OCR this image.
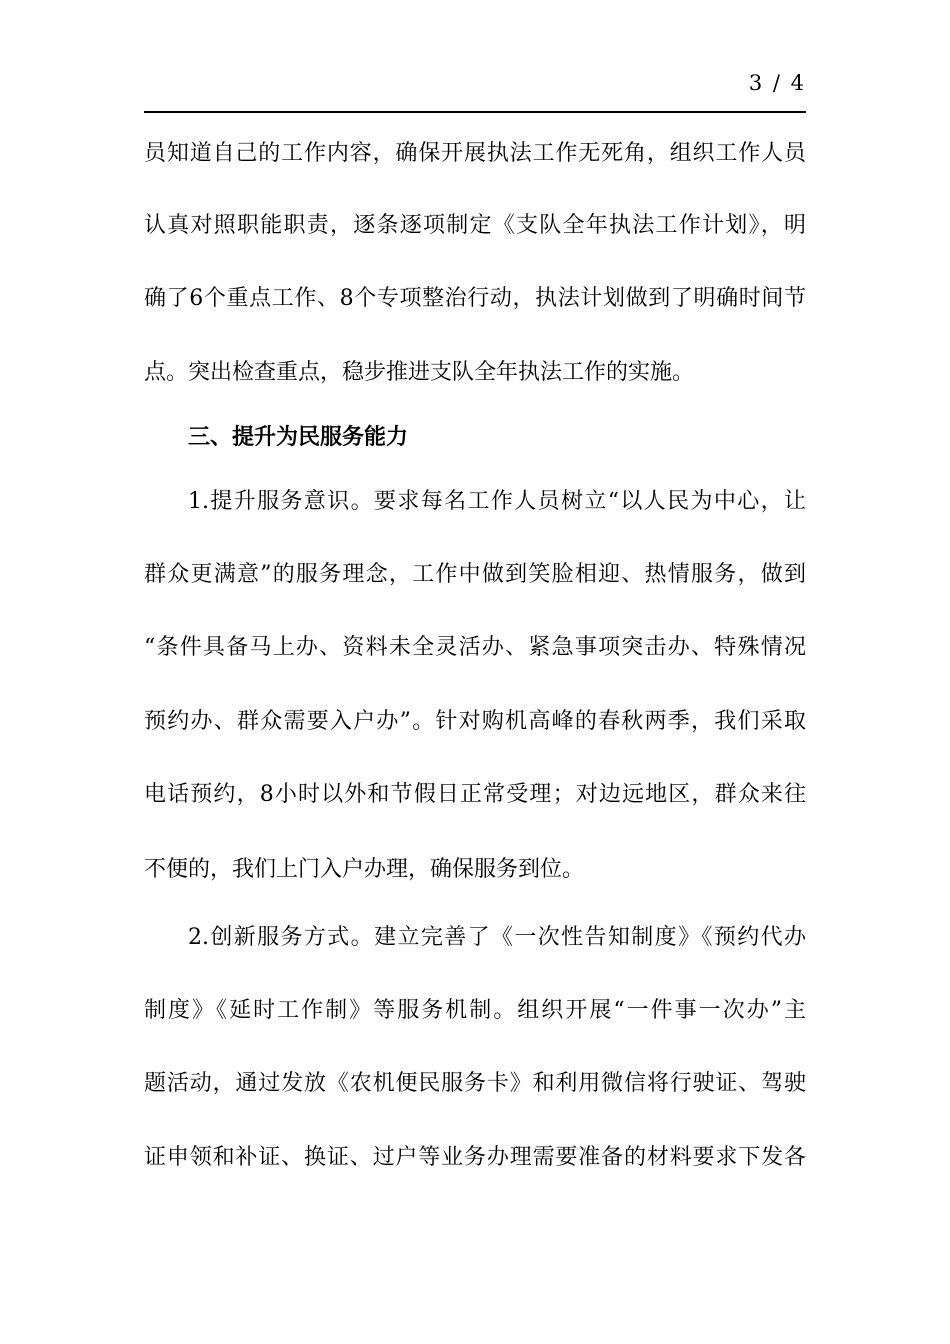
3 / 4
员知道自己的工作内容，确保开展执法工作无死角，组织工作人员
认真对照职能职责，逐条逐项制定《支队全年执法工作计划》，明
确了6个重点工作、8个专项整治行动，执法计划做到了明确时间节
点。突出检查重点，稳步推进支队全年执法工作的实施。
三、提升为民服务能力
1.提升服务意识。要求每名工作人员树立“以人民为中心，让
群众更满意”的服务理念，工作中做到笑脸相迎、热情服务，做到
“条件具备马上办、资料未全灵活办、紧急事项突击办、特殊情况
预约办、群众需要入户办”。针对购机高峰的春秋两季，我们采取
电话预约，8小时以外和节假日正常受理；对边远地区，群众来往
不便的，我们上门入户办理，确保服务到位。
2.创新服务方式。建立完善了《一次性告知制度》《预约代办
制度》《延时工作制》等服务机制。组织开展“一件事一次办”主
题活动，通过发放《农机便民服务卡》和利用微信将行驶证、驾驶
证申领和补证、换证、过户等业务办理需要准备的材料要求下发各
